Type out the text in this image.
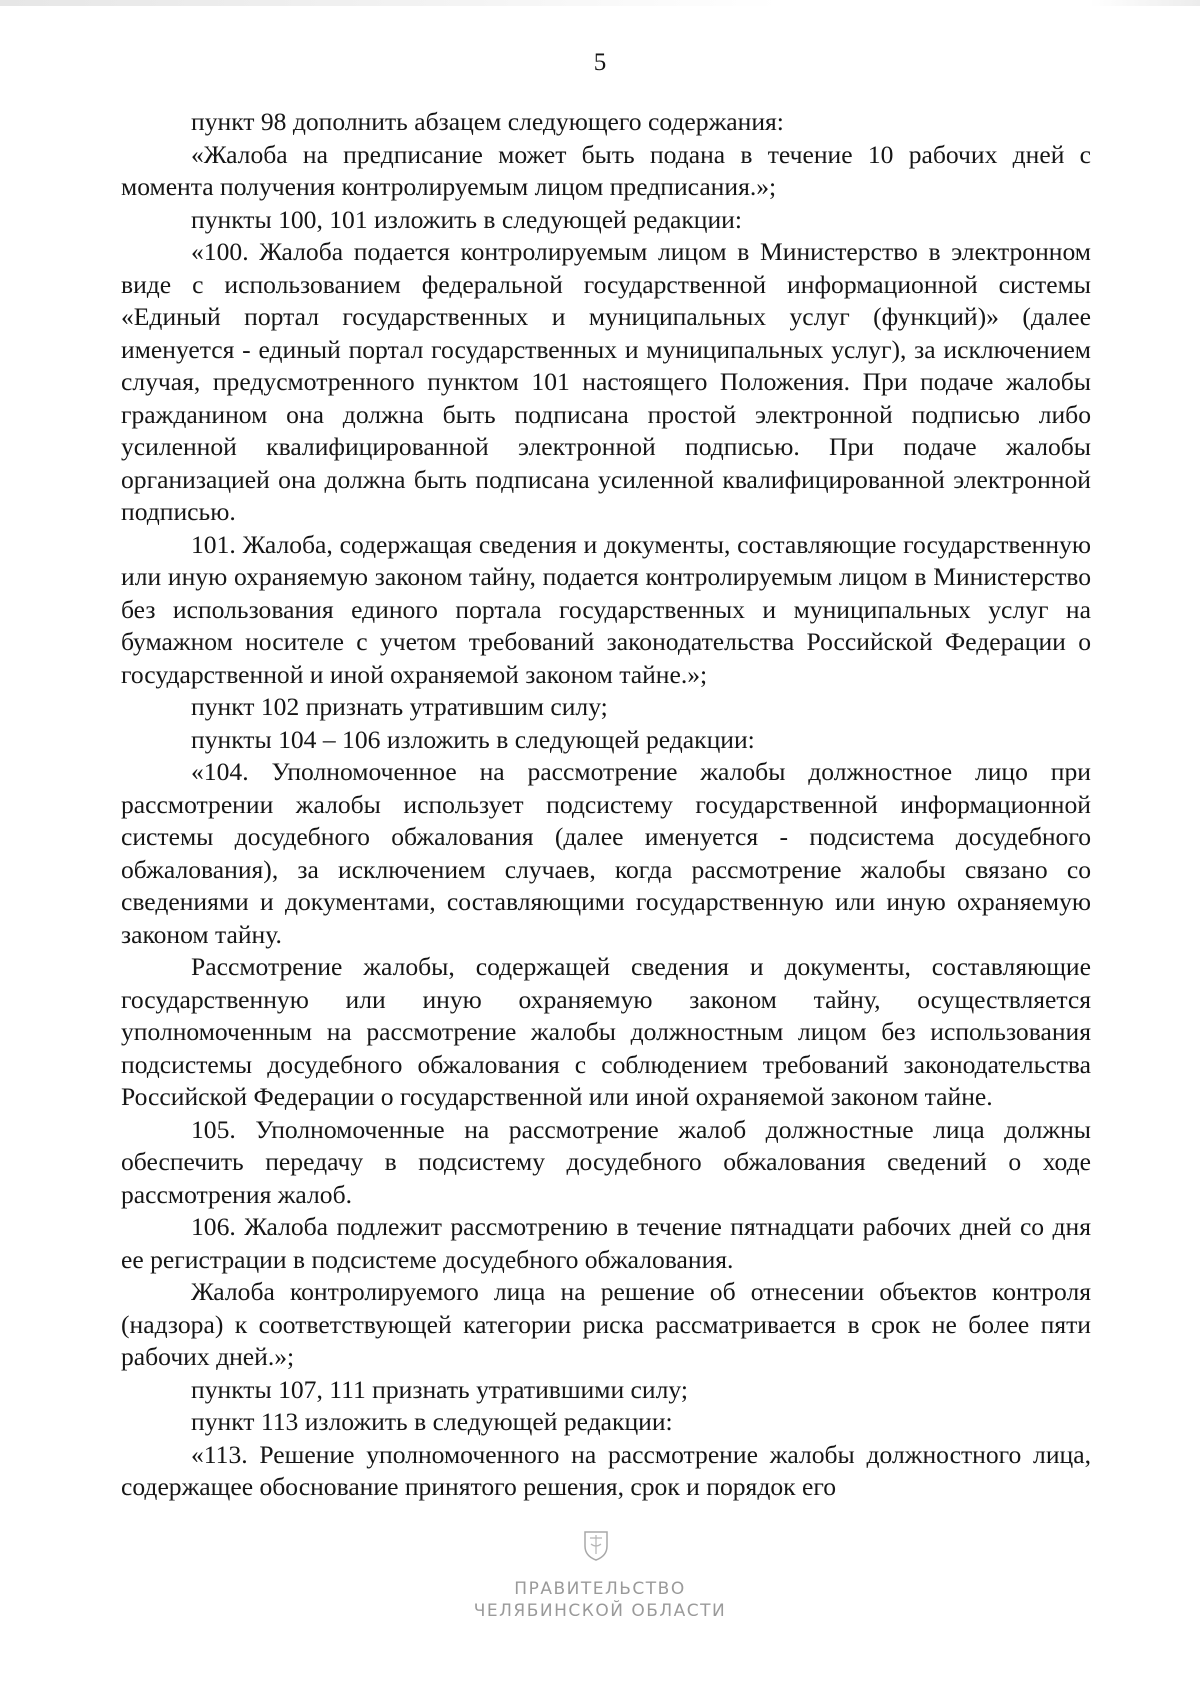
5

пункт 98 дополнить абзацем следующего содержания:

«Жалоба на предписание может быть подана в течение 10 рабочих дней с момента получения контролируемым лицом предписания.»;

пункты 100, 101 изложить в следующей редакции:

«100. Жалоба подается контролируемым лицом в Министерство в электронном виде с использованием федеральной государственной информационной системы «Единый портал государственных и муниципальных услуг (функций)» (далее именуется - единый портал государственных и муниципальных услуг), за исключением случая, предусмотренного пунктом 101 настоящего Положения. При подаче жалобы гражданином она должна быть подписана простой электронной подписью либо усиленной квалифицированной электронной подписью. При подаче жалобы организацией она должна быть подписана усиленной квалифицированной электронной подписью.

101. Жалоба, содержащая сведения и документы, составляющие государственную или иную охраняемую законом тайну, подается контролируемым лицом в Министерство без использования единого портала государственных и муниципальных услуг на бумажном носителе с учетом требований законодательства Российской Федерации о государственной и иной охраняемой законом тайне.»;

пункт 102 признать утратившим силу;

пункты 104 – 106 изложить в следующей редакции:

«104. Уполномоченное на рассмотрение жалобы должностное лицо при рассмотрении жалобы использует подсистему государственной информационной системы досудебного обжалования (далее именуется - подсистема досудебного обжалования), за исключением случаев, когда рассмотрение жалобы связано со сведениями и документами, составляющими государственную или иную охраняемую законом тайну.

Рассмотрение жалобы, содержащей сведения и документы, составляющие государственную или иную охраняемую законом тайну, осуществляется уполномоченным на рассмотрение жалобы должностным лицом без использования подсистемы досудебного обжалования с соблюдением требований законодательства Российской Федерации о государственной или иной охраняемой законом тайне.

105. Уполномоченные на рассмотрение жалоб должностные лица должны обеспечить передачу в подсистему досудебного обжалования сведений о ходе рассмотрения жалоб.

106. Жалоба подлежит рассмотрению в течение пятнадцати рабочих дней со дня ее регистрации в подсистеме досудебного обжалования.

Жалоба контролируемого лица на решение об отнесении объектов контроля (надзора) к соответствующей категории риска рассматривается в срок не более пяти рабочих дней.»;

пункты 107, 111 признать утратившими силу;

пункт 113 изложить в следующей редакции:

«113. Решение уполномоченного на рассмотрение жалобы должностного лица, содержащее обоснование принятого решения, срок и порядок его

ПРАВИТЕЛЬСТВО
ЧЕЛЯБИНСКОЙ ОБЛАСТИ
